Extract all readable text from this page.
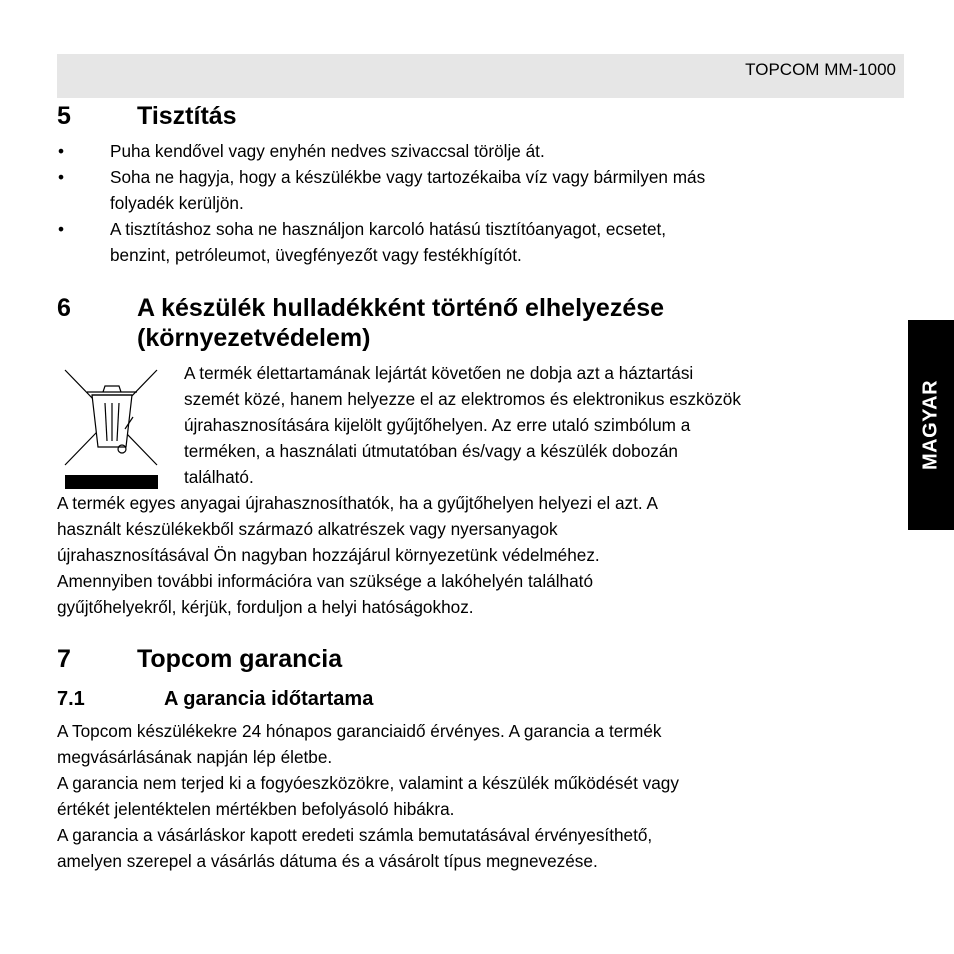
TOPCOM MM-1000
MAGYAR
5	Tisztítás
•	Puha kendővel vagy enyhén nedves szivaccsal törölje át.
•	Soha ne hagyja, hogy a készülékbe vagy tartozékaiba víz vagy bármilyen más
folyadék kerüljön.
•	A tisztításhoz soha ne használjon karcoló hatású tisztítóanyagot, ecsetet,
benzint, petróleumot, üvegfényezőt vagy festékhígítót.
6	A készülék hulladékként történő elhelyezése
(környezetvédelem)
A termék élettartamának lejártát követően ne dobja azt a háztartási
szemét közé, hanem helyezze el az elektromos és elektronikus eszközök
újrahasznosítására kijelölt gyűjtőhelyen. Az erre utaló szimbólum a
terméken, a használati útmutatóban és/vagy a készülék dobozán
található.
A termék egyes anyagai újrahasznosíthatók, ha a gyűjtőhelyen helyezi el azt. A
használt készülékekből származó alkatrészek vagy nyersanyagok
újrahasznosításával Ön nagyban hozzájárul környezetünk védelméhez.
Amennyiben további információra van szüksége a lakóhelyén található
gyűjtőhelyekről, kérjük, forduljon a helyi hatóságokhoz.
7	Topcom garancia
7.1	A garancia időtartama
A Topcom készülékekre 24 hónapos garanciaidő érvényes. A garancia a termék
megvásárlásának napján lép életbe.
A garancia nem terjed ki a fogyóeszközökre, valamint a készülék működését vagy
értékét jelentéktelen mértékben befolyásoló hibákra.
A garancia a vásárláskor kapott eredeti számla bemutatásával érvényesíthető,
amelyen szerepel a vásárlás dátuma és a vásárolt típus megnevezése.
